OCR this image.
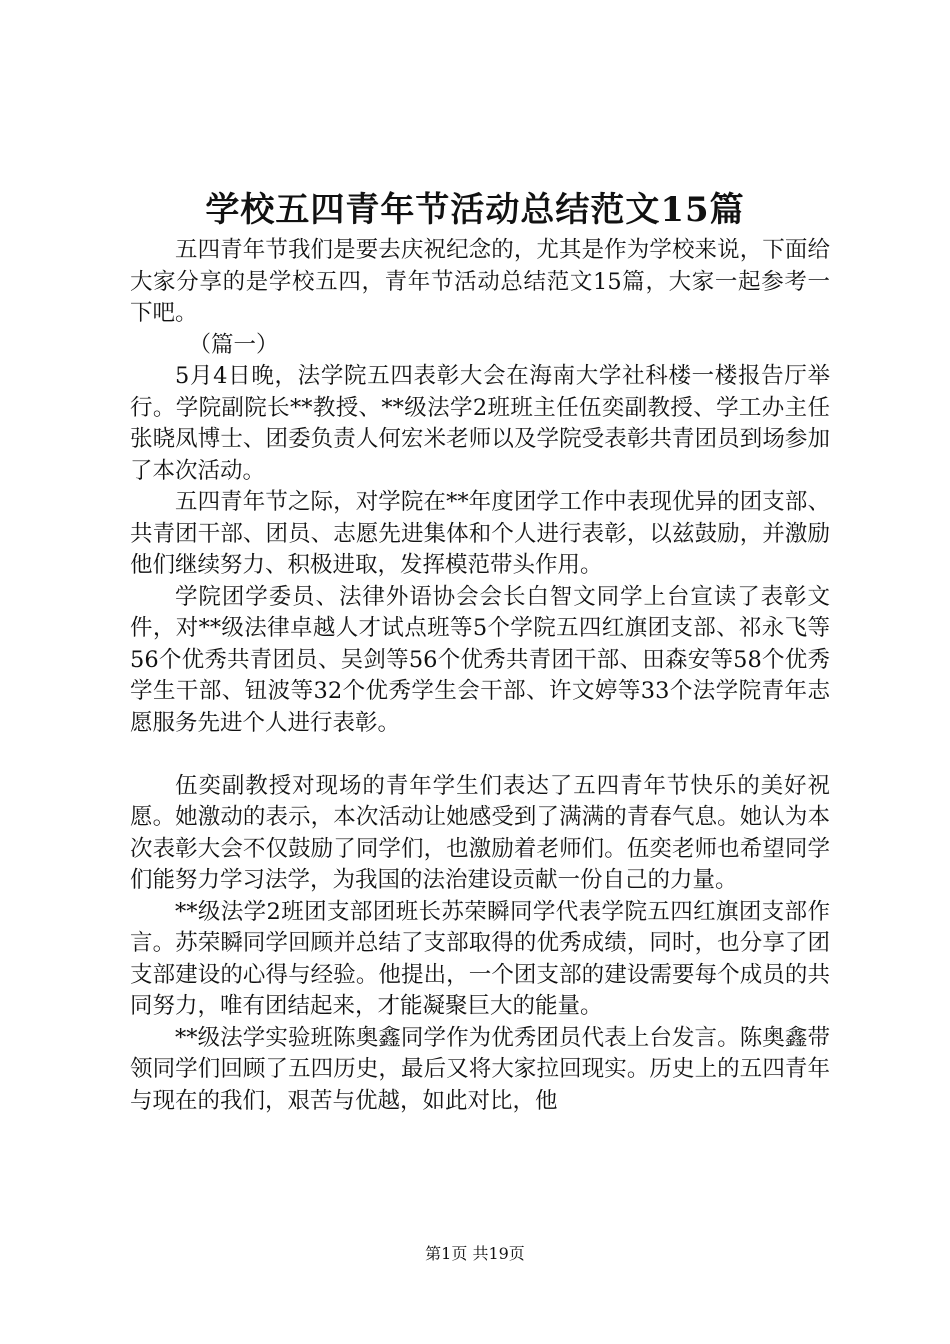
学校五四青年节活动总结范文15篇

五四青年节我们是要去庆祝纪念的，尤其是作为学校来说，下面给大家分享的是学校五四，青年节活动总结范文15篇，大家一起参考一下吧。

（篇一）

5月4日晚，法学院五四表彰大会在海南大学社科楼一楼报告厅举行。学院副院长**教授、**级法学2班班主任伍奕副教授、学工办主任张晓凤博士、团委负责人何宏米老师以及学院受表彰共青团员到场参加了本次活动。

五四青年节之际，对学院在**年度团学工作中表现优异的团支部、共青团干部、团员、志愿先进集体和个人进行表彰，以兹鼓励，并激励他们继续努力、积极进取，发挥模范带头作用。

学院团学委员、法律外语协会会长白智文同学上台宣读了表彰文件，对**级法律卓越人才试点班等5个学院五四红旗团支部、祁永飞等56个优秀共青团员、吴剑等56个优秀共青团干部、田森安等58个优秀学生干部、钮波等32个优秀学生会干部、许文婷等33个法学院青年志愿服务先进个人进行表彰。

伍奕副教授对现场的青年学生们表达了五四青年节快乐的美好祝愿。她激动的表示，本次活动让她感受到了满满的青春气息。她认为本次表彰大会不仅鼓励了同学们，也激励着老师们。伍奕老师也希望同学们能努力学习法学，为我国的法治建设贡献一份自己的力量。

**级法学2班团支部团班长苏荣瞬同学代表学院五四红旗团支部作言。苏荣瞬同学回顾并总结了支部取得的优秀成绩，同时，也分享了团支部建设的心得与经验。他提出，一个团支部的建设需要每个成员的共同努力，唯有团结起来，才能凝聚巨大的能量。

**级法学实验班陈奥鑫同学作为优秀团员代表上台发言。陈奥鑫带领同学们回顾了五四历史，最后又将大家拉回现实。历史上的五四青年与现在的我们，艰苦与优越，如此对比，他

第1页 共19页
